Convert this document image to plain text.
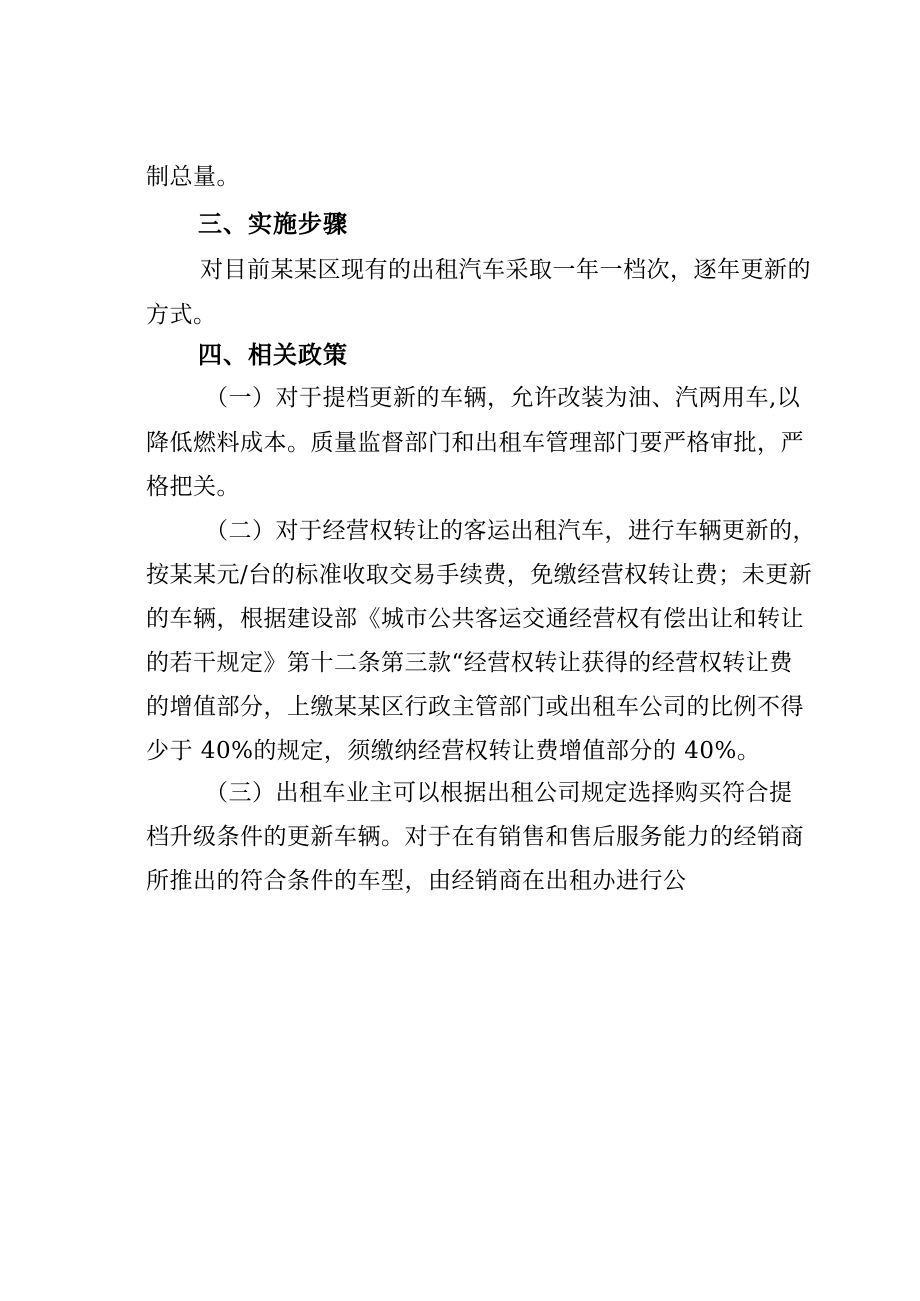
制总量。
三、实施步骤
对目前某某区现有的出租汽车采取一年一档次，逐年更新的
方式。
四、相关政策
（一）对于提档更新的车辆，允许改装为油、汽两用车,以
降低燃料成本。质量监督部门和出租车管理部门要严格审批，严
格把关。
（二）对于经营权转让的客运出租汽车，进行车辆更新的，
按某某元/台的标准收取交易手续费，免缴经营权转让费；未更新
的车辆，根据建设部《城市公共客运交通经营权有偿出让和转让
的若干规定》第十二条第三款“经营权转让获得的经营权转让费
的增值部分，上缴某某区行政主管部门或出租车公司的比例不得
少于 40%的规定，须缴纳经营权转让费增值部分的 40%。
（三）出租车业主可以根据出租公司规定选择购买符合提
档升级条件的更新车辆。对于在有销售和售后服务能力的经销商
所推出的符合条件的车型，由经销商在出租办进行公
